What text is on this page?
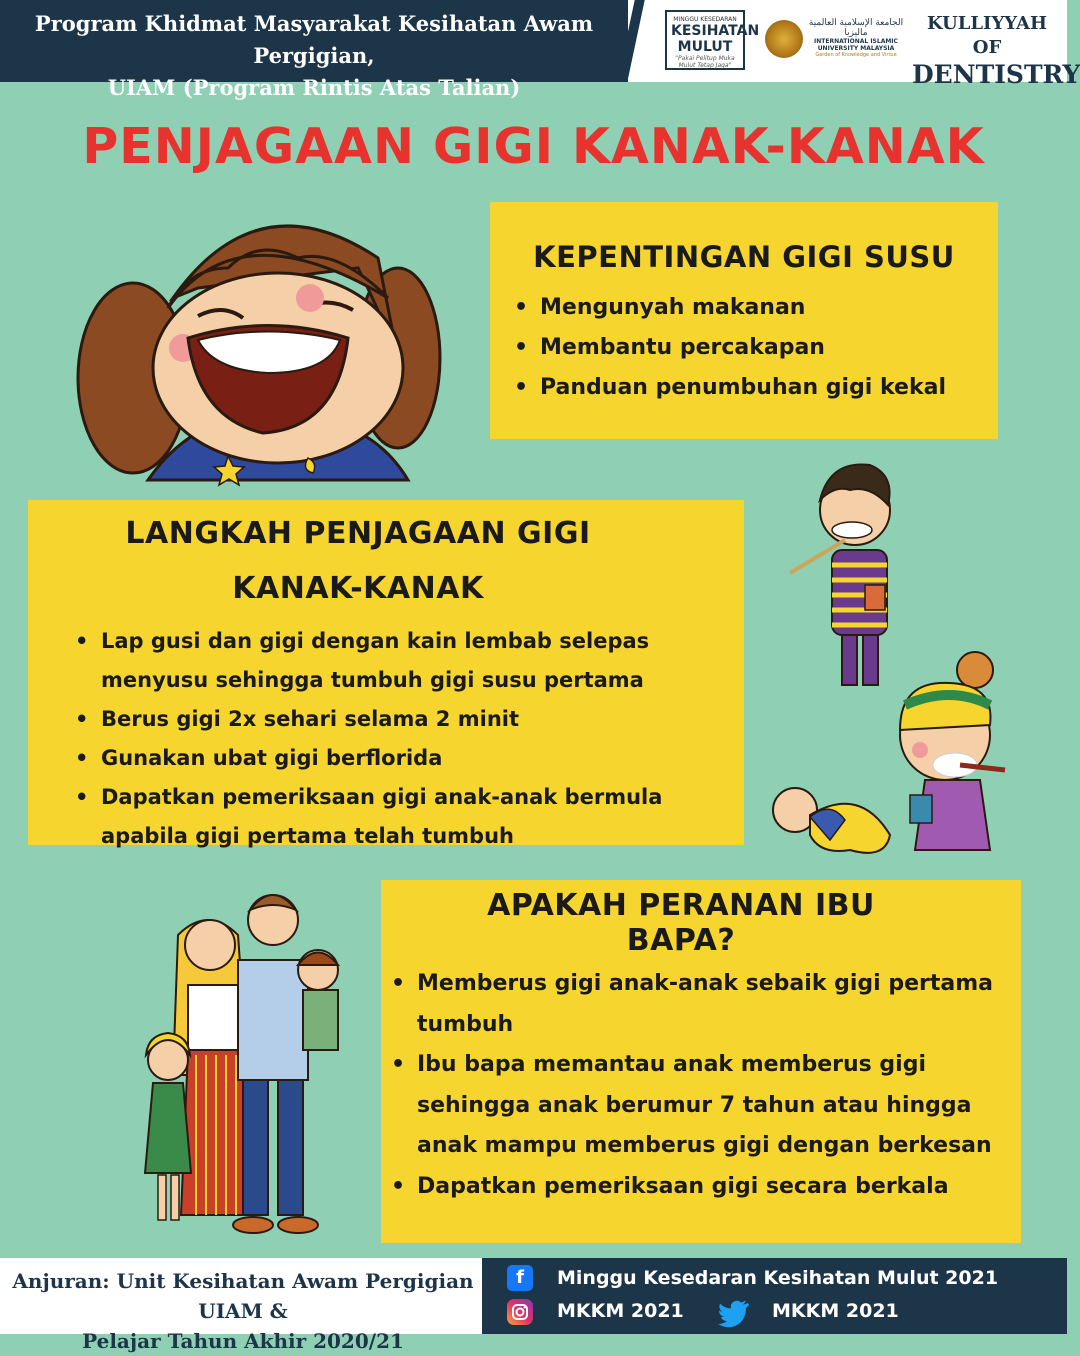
Program Khidmat Masyarakat Kesihatan Awam Pergigian,
UIAM (Program Rintis Atas Talian)
MINGGU KESEDARAN
KESIHATAN
MULUT
"Pakai Pelitup Muka Mulut Tetap Jaga"
الجامعة الإسلامية العالمية ماليزيا
INTERNATIONAL ISLAMIC UNIVERSITY MALAYSIA
Garden of Knowledge and Virtue
KULLIYYAH OF
DENTISTRY
PENJAGAAN GIGI KANAK-KANAK
KEPENTINGAN GIGI SUSU
• Mengunyah makanan
• Membantu percakapan
• Panduan penumbuhan gigi kekal
LANGKAH PENJAGAAN GIGI
KANAK-KANAK
• Lap gusi dan gigi dengan kain lembab selepas menyusu sehingga tumbuh gigi susu pertama
• Berus gigi 2x sehari selama 2 minit
• Gunakan ubat gigi berflorida
• Dapatkan pemeriksaan gigi anak-anak bermula apabila gigi pertama telah tumbuh
APAKAH PERANAN IBU
BAPA?
• Memberus gigi anak-anak sebaik gigi pertama tumbuh
• Ibu bapa memantau anak memberus gigi sehingga anak berumur 7 tahun atau hingga anak mampu memberus gigi dengan berkesan
• Dapatkan pemeriksaan gigi secara berkala
Anjuran: Unit Kesihatan Awam Pergigian UIAM &
Pelajar Tahun Akhir 2020/21
f	Minggu Kesedaran Kesihatan Mulut 2021
MKKM 2021	MKKM 2021
